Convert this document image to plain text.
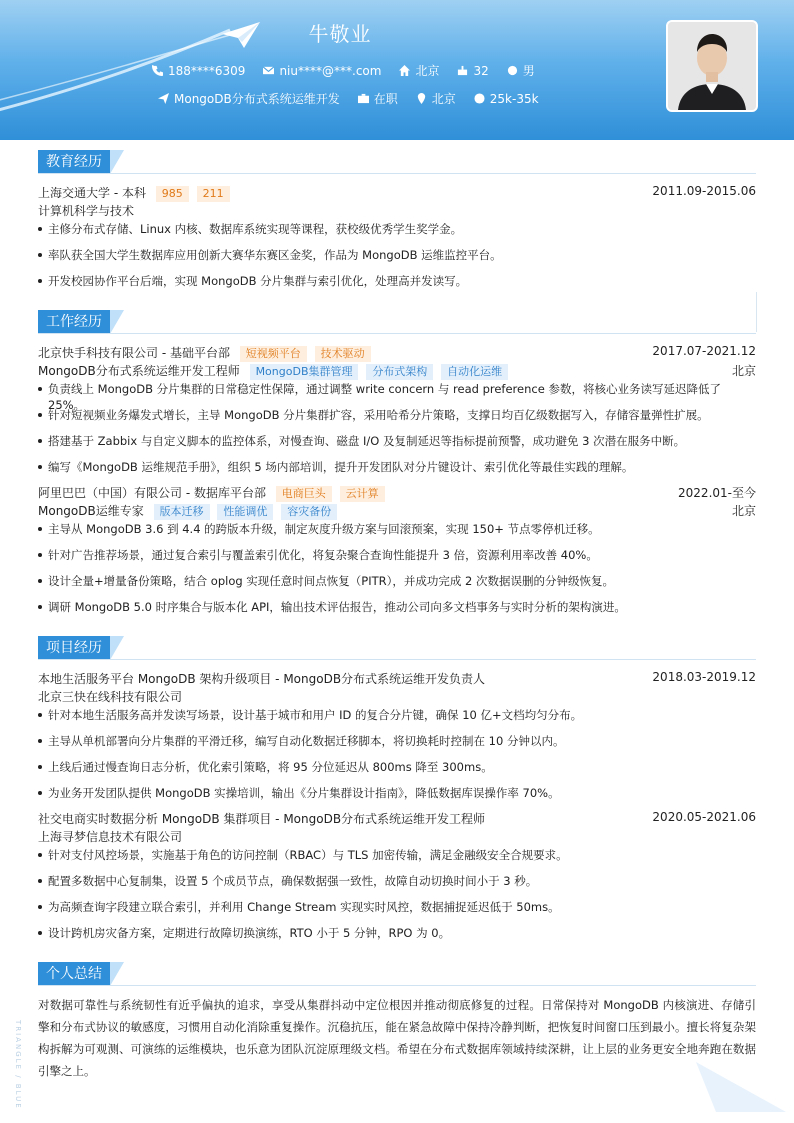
牛敬业
188****6309	niu****@***.com	北京	32	男
MongoDB分布式系统运维开发	在职	北京	25k-35k
教育经历
上海交通大学 - 本科 985 211	2011.09-2015.06
计算机科学与技术
主修分布式存储、Linux 内核、数据库系统实现等课程，获校级优秀学生奖学金。
率队获全国大学生数据库应用创新大赛华东赛区金奖，作品为 MongoDB 运维监控平台。
开发校园协作平台后端，实现 MongoDB 分片集群与索引优化，处理高并发读写。
工作经历
北京快手科技有限公司 - 基础平台部 短视频平台 技术驱动	2017.07-2021.12
MongoDB分布式系统运维开发工程师 MongoDB集群管理 分布式架构 自动化运维	北京
负责线上 MongoDB 分片集群的日常稳定性保障，通过调整 write concern 与 read preference 参数，将核心业务读写延迟降低了 25%。
针对短视频业务爆发式增长，主导 MongoDB 分片集群扩容，采用哈希分片策略，支撑日均百亿级数据写入，存储容量弹性扩展。
搭建基于 Zabbix 与自定义脚本的监控体系，对慢查询、磁盘 I/O 及复制延迟等指标提前预警，成功避免 3 次潜在服务中断。
编写《MongoDB 运维规范手册》，组织 5 场内部培训，提升开发团队对分片键设计、索引优化等最佳实践的理解。
阿里巴巴（中国）有限公司 - 数据库平台部 电商巨头 云计算	2022.01-至今
MongoDB运维专家 版本迁移 性能调优 容灾备份	北京
主导从 MongoDB 3.6 到 4.4 的跨版本升级，制定灰度升级方案与回滚预案，实现 150+ 节点零停机迁移。
针对广告推荐场景，通过复合索引与覆盖索引优化，将复杂聚合查询性能提升 3 倍，资源利用率改善 40%。
设计全量+增量备份策略，结合 oplog 实现任意时间点恢复（PITR），并成功完成 2 次数据误删的分钟级恢复。
调研 MongoDB 5.0 时序集合与版本化 API，输出技术评估报告，推动公司向多文档事务与实时分析的架构演进。
项目经历
本地生活服务平台 MongoDB 架构升级项目 - MongoDB分布式系统运维开发负责人	2018.03-2019.12
北京三快在线科技有限公司
针对本地生活服务高并发读写场景，设计基于城市和用户 ID 的复合分片键，确保 10 亿+文档均匀分布。
主导从单机部署向分片集群的平滑迁移，编写自动化数据迁移脚本，将切换耗时控制在 10 分钟以内。
上线后通过慢查询日志分析，优化索引策略，将 95 分位延迟从 800ms 降至 300ms。
为业务开发团队提供 MongoDB 实操培训，输出《分片集群设计指南》，降低数据库误操作率 70%。
社交电商实时数据分析 MongoDB 集群项目 - MongoDB分布式系统运维开发工程师	2020.05-2021.06
上海寻梦信息技术有限公司
针对支付风控场景，实施基于角色的访问控制（RBAC）与 TLS 加密传输，满足金融级安全合规要求。
配置多数据中心复制集，设置 5 个成员节点，确保数据强一致性，故障自动切换时间小于 3 秒。
为高频查询字段建立联合索引，并利用 Change Stream 实现实时风控，数据捕捉延迟低于 50ms。
设计跨机房灾备方案，定期进行故障切换演练，RTO 小于 5 分钟，RPO 为 0。
个人总结
对数据可靠性与系统韧性有近乎偏执的追求，享受从集群抖动中定位根因并推动彻底修复的过程。日常保持对 MongoDB 内核演进、存储引擎和分布式协议的敏感度，习惯用自动化消除重复操作。沉稳抗压，能在紧急故障中保持冷静判断，把恢复时间窗口压到最小。擅长将复杂架构拆解为可观测、可演练的运维模块，也乐意为团队沉淀原理级文档。希望在分布式数据库领域持续深耕，让上层的业务更安全地奔跑在数据引擎之上。
TRIANGLE / BLUE
